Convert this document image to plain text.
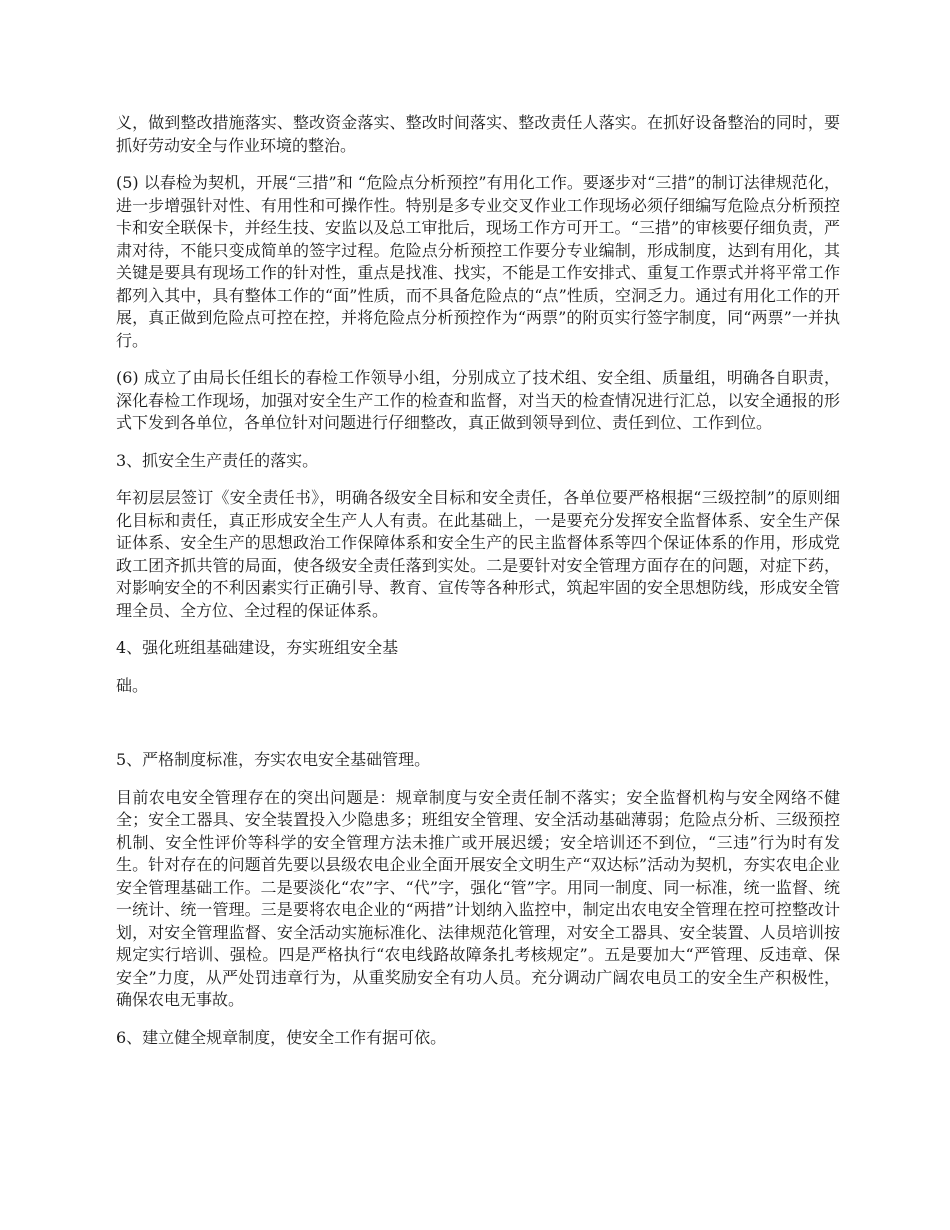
义，做到整改措施落实、整改资金落实、整改时间落实、整改责任人落实。在抓好设备整治的同时，要抓好劳动安全与作业环境的整治。

(5) 以春检为契机，开展“三措”和 “危险点分析预控”有用化工作。要逐步对“三措”的制订法律规范化，进一步增强针对性、有用性和可操作性。特别是多专业交叉作业工作现场必须仔细编写危险点分析预控卡和安全联保卡，并经生技、安监以及总工审批后，现场工作方可开工。“三措”的审核要仔细负责，严肃对待，不能只变成简单的签字过程。危险点分析预控工作要分专业编制，形成制度，达到有用化，其关键是要具有现场工作的针对性，重点是找准、找实，不能是工作安排式、重复工作票式并将平常工作都列入其中，具有整体工作的“面”性质，而不具备危险点的“点”性质，空洞乏力。通过有用化工作的开展，真正做到危险点可控在控，并将危险点分析预控作为“两票”的附页实行签字制度，同“两票”一并执行。

(6) 成立了由局长任组长的春检工作领导小组，分别成立了技术组、安全组、质量组，明确各自职责，深化春检工作现场，加强对安全生产工作的检查和监督，对当天的检查情况进行汇总，以安全通报的形式下发到各单位，各单位针对问题进行仔细整改，真正做到领导到位、责任到位、工作到位。

3、抓安全生产责任的落实。

年初层层签订《安全责任书》，明确各级安全目标和安全责任，各单位要严格根据“三级控制”的原则细化目标和责任，真正形成安全生产人人有责。在此基础上，一是要充分发挥安全监督体系、安全生产保证体系、安全生产的思想政治工作保障体系和安全生产的民主监督体系等四个保证体系的作用，形成党政工团齐抓共管的局面，使各级安全责任落到实处。二是要针对安全管理方面存在的问题，对症下药，对影响安全的不利因素实行正确引导、教育、宣传等各种形式，筑起牢固的安全思想防线，形成安全管理全员、全方位、全过程的保证体系。

4、强化班组基础建设，夯实班组安全基

础。

5、严格制度标准，夯实农电安全基础管理。

目前农电安全管理存在的突出问题是：规章制度与安全责任制不落实；安全监督机构与安全网络不健全；安全工器具、安全装置投入少隐患多；班组安全管理、安全活动基础薄弱；危险点分析、三级预控机制、安全性评价等科学的安全管理方法未推广或开展迟缓；安全培训还不到位，“三违”行为时有发生。针对存在的问题首先要以县级农电企业全面开展安全文明生产“双达标”活动为契机，夯实农电企业安全管理基础工作。二是要淡化“农”字、“代”字，强化“管”字。用同一制度、同一标准，统一监督、统一统计、统一管理。三是要将农电企业的“两措”计划纳入监控中，制定出农电安全管理在控可控整改计划，对安全管理监督、安全活动实施标准化、法律规范化管理，对安全工器具、安全装置、人员培训按规定实行培训、强检。四是严格执行“农电线路故障条扎考核规定”。五是要加大“严管理、反违章、保安全”力度，从严处罚违章行为，从重奖励安全有功人员。充分调动广阔农电员工的安全生产积极性，确保农电无事故。

6、建立健全规章制度，使安全工作有据可依。
